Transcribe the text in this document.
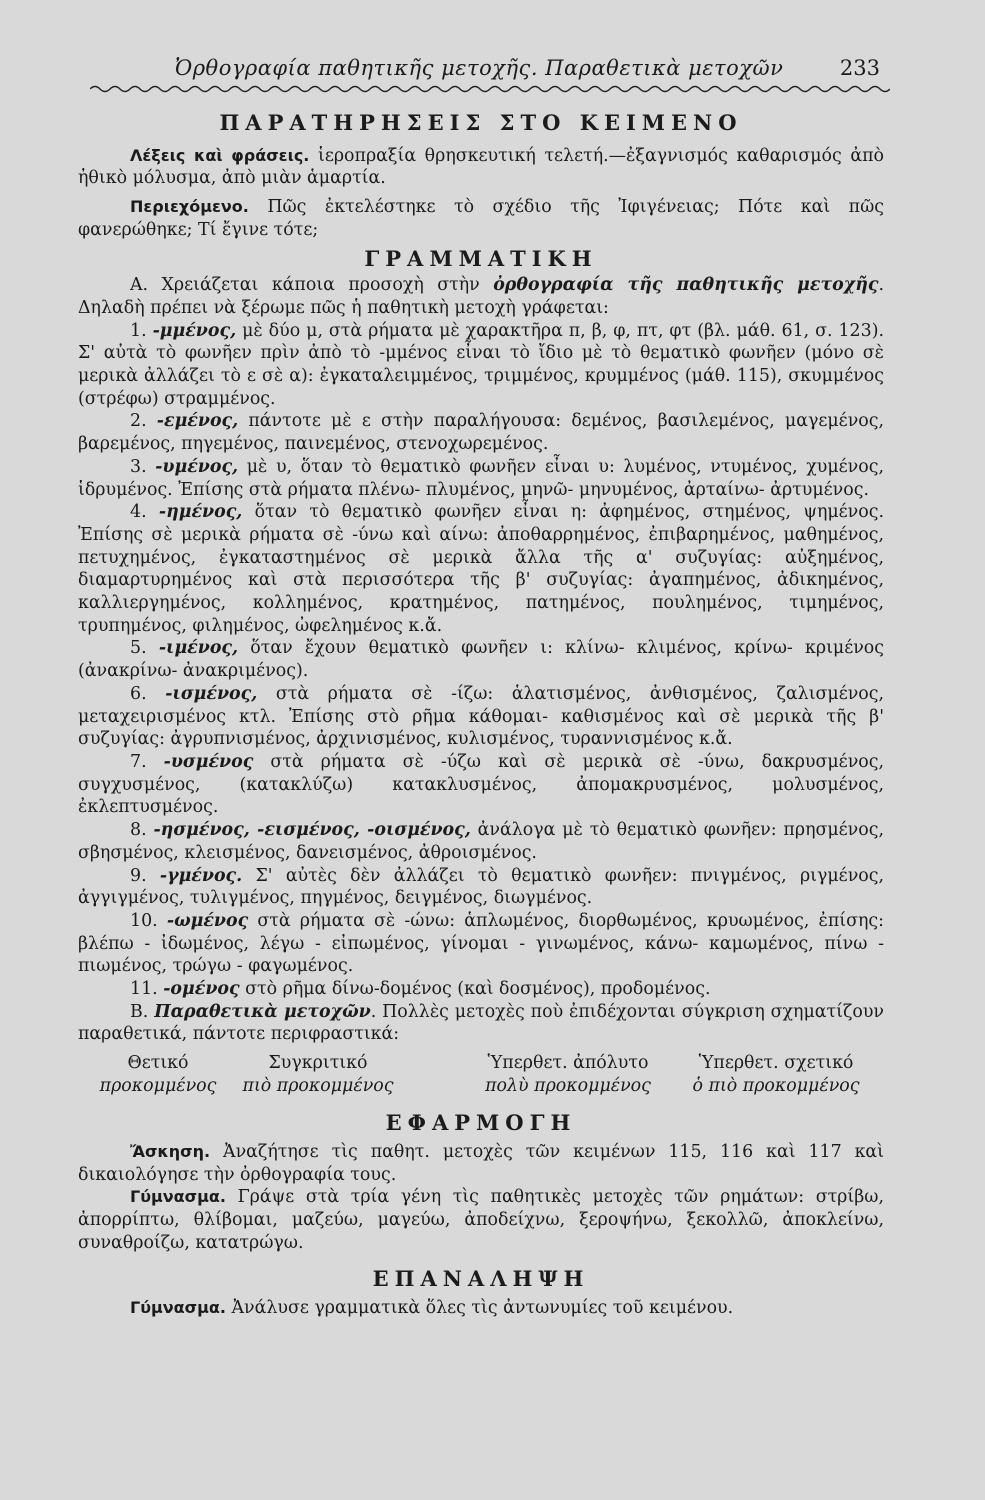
Ὀρθογραφία παθητικῆς μετοχῆς. Παραθετικὰ μετοχῶν	233
ΠΑΡΑΤΗΡΗΣΕΙΣ ΣΤΟ ΚΕΙΜΕΝΟ

Λέξεις καὶ φράσεις. ἱεροπραξία θρησκευτική τελετή.—ἐξαγνισμός καθαρισμός ἀπὸ ἠθικὸ μόλυσμα, ἀπὸ μιὰν ἁμαρτία.

Περιεχόμενο. Πῶς ἐκτελέστηκε τὸ σχέδιο τῆς Ἰφιγένειας; Πότε καὶ πῶς φανερώθηκε; Τί ἔγινε τότε;

ΓΡΑΜΜΑΤΙΚΗ

Α. Χρειάζεται κάποια προσοχὴ στὴν ὀρθογραφία τῆς παθητικῆς μετοχῆς. Δηλαδὴ πρέπει νὰ ξέρωμε πῶς ἡ παθητικὴ μετοχὴ γράφεται:

1. -μμένος, μὲ δύο μ, στὰ ρήματα μὲ χαρακτῆρα π, β, φ, πτ, φτ (βλ. μάθ. 61, σ. 123). Σ' αὐτὰ τὸ φωνῆεν πρὶν ἀπὸ τὸ -μμένος εἶναι τὸ ἴδιο μὲ τὸ θεματικὸ φωνῆεν (μόνο σὲ μερικὰ ἀλλάζει τὸ ε σὲ α): ἐγκαταλειμμένος, τριμμένος, κρυμμένος (μάθ. 115), σκυμμένος (στρέφω) στραμμένος.

2. -εμένος, πάντοτε μὲ ε στὴν παραλήγουσα: δεμένος, βασιλεμένος, μαγεμένος, βαρεμένος, πηγεμένος, παινεμένος, στενοχωρεμένος.

3. -υμένος, μὲ υ, ὅταν τὸ θεματικὸ φωνῆεν εἶναι υ: λυμένος, ντυμένος, χυμένος, ἱδρυμένος. Ἐπίσης στὰ ρήματα πλένω- πλυμένος, μηνῶ- μηνυμένος, ἀρταίνω- ἀρτυμένος.

4. -ημένος, ὅταν τὸ θεματικὸ φωνῆεν εἶναι η: ἀφημένος, στημένος, ψημένος. Ἐπίσης σὲ μερικὰ ρήματα σὲ -ύνω καὶ αίνω: ἀποθαρρημένος, ἐπιβαρημένος, μαθημένος, πετυχημένος, ἐγκαταστημένος σὲ μερικὰ ἄλλα τῆς α' συζυγίας: αὐξημένος, διαμαρτυρημένος καὶ στὰ περισσότερα τῆς β' συζυγίας: ἀγαπημένος, ἀδικημένος, καλλιεργημένος, κολλημένος, κρατημένος, πατημένος, πουλημένος, τιμημένος, τρυπημένος, φιλημένος, ὠφελημένος κ.ἄ.

5. -ιμένος, ὅταν ἔχουν θεματικὸ φωνῆεν ι: κλίνω- κλιμένος, κρίνω- κριμένος (ἀνακρίνω- ἀνακριμένος).

6. -ισμένος, στὰ ρήματα σὲ -ίζω: ἁλατισμένος, ἀνθισμένος, ζαλισμένος, μεταχειρισμένος κτλ. Ἐπίσης στὸ ρῆμα κάθομαι- καθισμένος καὶ σὲ μερικὰ τῆς β' συζυγίας: ἀγρυπνισμένος, ἀρχινισμένος, κυλισμένος, τυραννισμένος κ.ἄ.

7. -υσμένος στὰ ρήματα σὲ -ύζω καὶ σὲ μερικὰ σὲ -ύνω, δακρυσμένος, συγχυσμένος, (κατακλύζω) κατακλυσμένος, ἀπομακρυσμένος, μολυσμένος, ἐκλεπτυσμένος.

8. -ησμένος, -εισμένος, -οισμένος, ἀνάλογα μὲ τὸ θεματικὸ φωνῆεν: πρησμένος, σβησμένος, κλεισμένος, δανεισμένος, ἀθροισμένος.

9. -γμένος. Σ' αὐτὲς δὲν ἀλλάζει τὸ θεματικὸ φωνῆεν: πνιγμένος, ριγμένος, ἀγγιγμένος, τυλιγμένος, πηγμένος, δειγμένος, διωγμένος.

10. -ωμένος στὰ ρήματα σὲ -ώνω: ἁπλωμένος, διορθωμένος, κρυωμένος, ἐπίσης: βλέπω - ἰδωμένος, λέγω - εἰπωμένος, γίνομαι - γινωμένος, κάνω- καμωμένος, πίνω - πιωμένος, τρώγω - φαγωμένος.

11. -ομένος στὸ ρῆμα δίνω-δομένος (καὶ δοσμένος), προδομένος.

Β. Παραθετικὰ μετοχῶν. Πολλὲς μετοχὲς ποὺ ἐπιδέχονται σύγκριση σχηματίζουν παραθετικά, πάντοτε περιφραστικά:

Θετικό
προκομμένος
Συγκριτικό
πιὸ προκομμένος
Ὑπερθετ. ἀπόλυτο
πολὺ προκομμένος
Ὑπερθετ. σχετικό
ὁ πιὸ προκομμένος
ΕΦΑΡΜΟΓΗ

Ἄσκηση. Ἀναζήτησε τὶς παθητ. μετοχὲς τῶν κειμένων 115, 116 καὶ 117 καὶ δικαιολόγησε τὴν ὀρθογραφία τους.

Γύμνασμα. Γράψε στὰ τρία γένη τὶς παθητικὲς μετοχὲς τῶν ρημάτων: στρίβω, ἀπορρίπτω, θλίβομαι, μαζεύω, μαγεύω, ἀποδείχνω, ξεροψήνω, ξεκολλῶ, ἀποκλείνω, συναθροίζω, κατατρώγω.

ΕΠΑΝΑΛΗΨΗ

Γύμνασμα. Ἀνάλυσε γραμματικὰ ὅλες τὶς ἀντωνυμίες τοῦ κειμένου.
